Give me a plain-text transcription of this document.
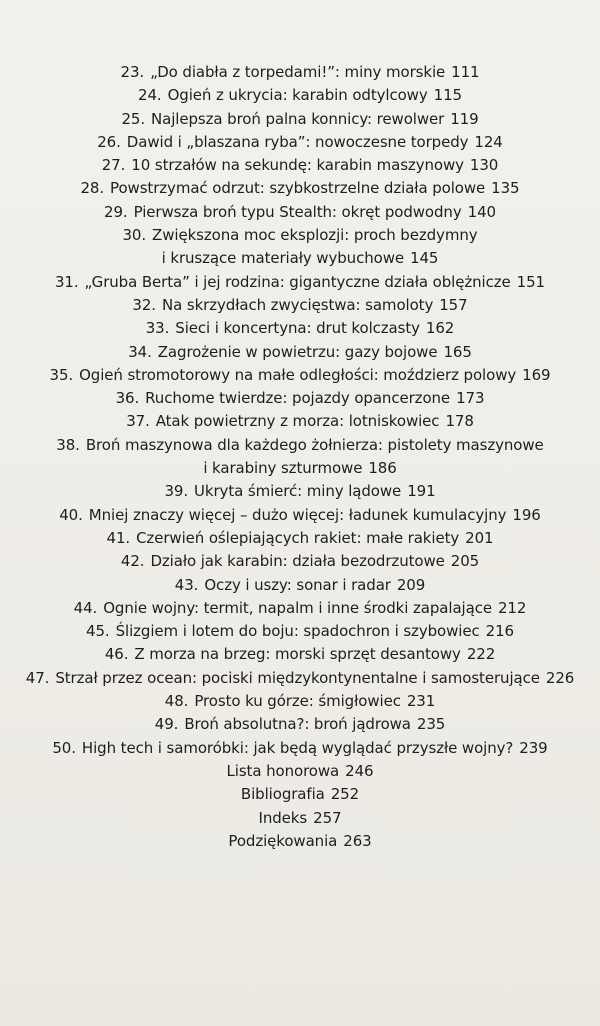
23. „Do diabła z torpedami!”: miny morskie 111
24. Ogień z ukrycia: karabin odtylcowy 115
25. Najlepsza broń palna konnicy: rewolwer 119
26. Dawid i „blaszana ryba”: nowoczesne torpedy 124
27. 10 strzałów na sekundę: karabin maszynowy 130
28. Powstrzymać odrzut: szybkostrzelne działa polowe 135
29. Pierwsza broń typu Stealth: okręt podwodny 140
30. Zwiększona moc eksplozji: proch bezdymny
i kruszące materiały wybuchowe 145
31. „Gruba Berta” i jej rodzina: gigantyczne działa oblężnicze 151
32. Na skrzydłach zwycięstwa: samoloty 157
33. Sieci i koncertyna: drut kolczasty 162
34. Zagrożenie w powietrzu: gazy bojowe 165
35. Ogień stromotorowy na małe odległości: moździerz polowy 169
36. Ruchome twierdze: pojazdy opancerzone 173
37. Atak powietrzny z morza: lotniskowiec 178
38. Broń maszynowa dla każdego żołnierza: pistolety maszynowe
i karabiny szturmowe 186
39. Ukryta śmierć: miny lądowe 191
40. Mniej znaczy więcej – dużo więcej: ładunek kumulacyjny 196
41. Czerwień oślepiających rakiet: małe rakiety 201
42. Działo jak karabin: działa bezodrzutowe 205
43. Oczy i uszy: sonar i radar 209
44. Ognie wojny: termit, napalm i inne środki zapalające 212
45. Ślizgiem i lotem do boju: spadochron i szybowiec 216
46. Z morza na brzeg: morski sprzęt desantowy 222
47. Strzał przez ocean: pociski międzykontynentalne i samosterujące 226
48. Prosto ku górze: śmigłowiec 231
49. Broń absolutna?: broń jądrowa 235
50. High tech i samoróbki: jak będą wyglądać przyszłe wojny? 239
Lista honorowa 246
Bibliografia 252
Indeks 257
Podziękowania 263
